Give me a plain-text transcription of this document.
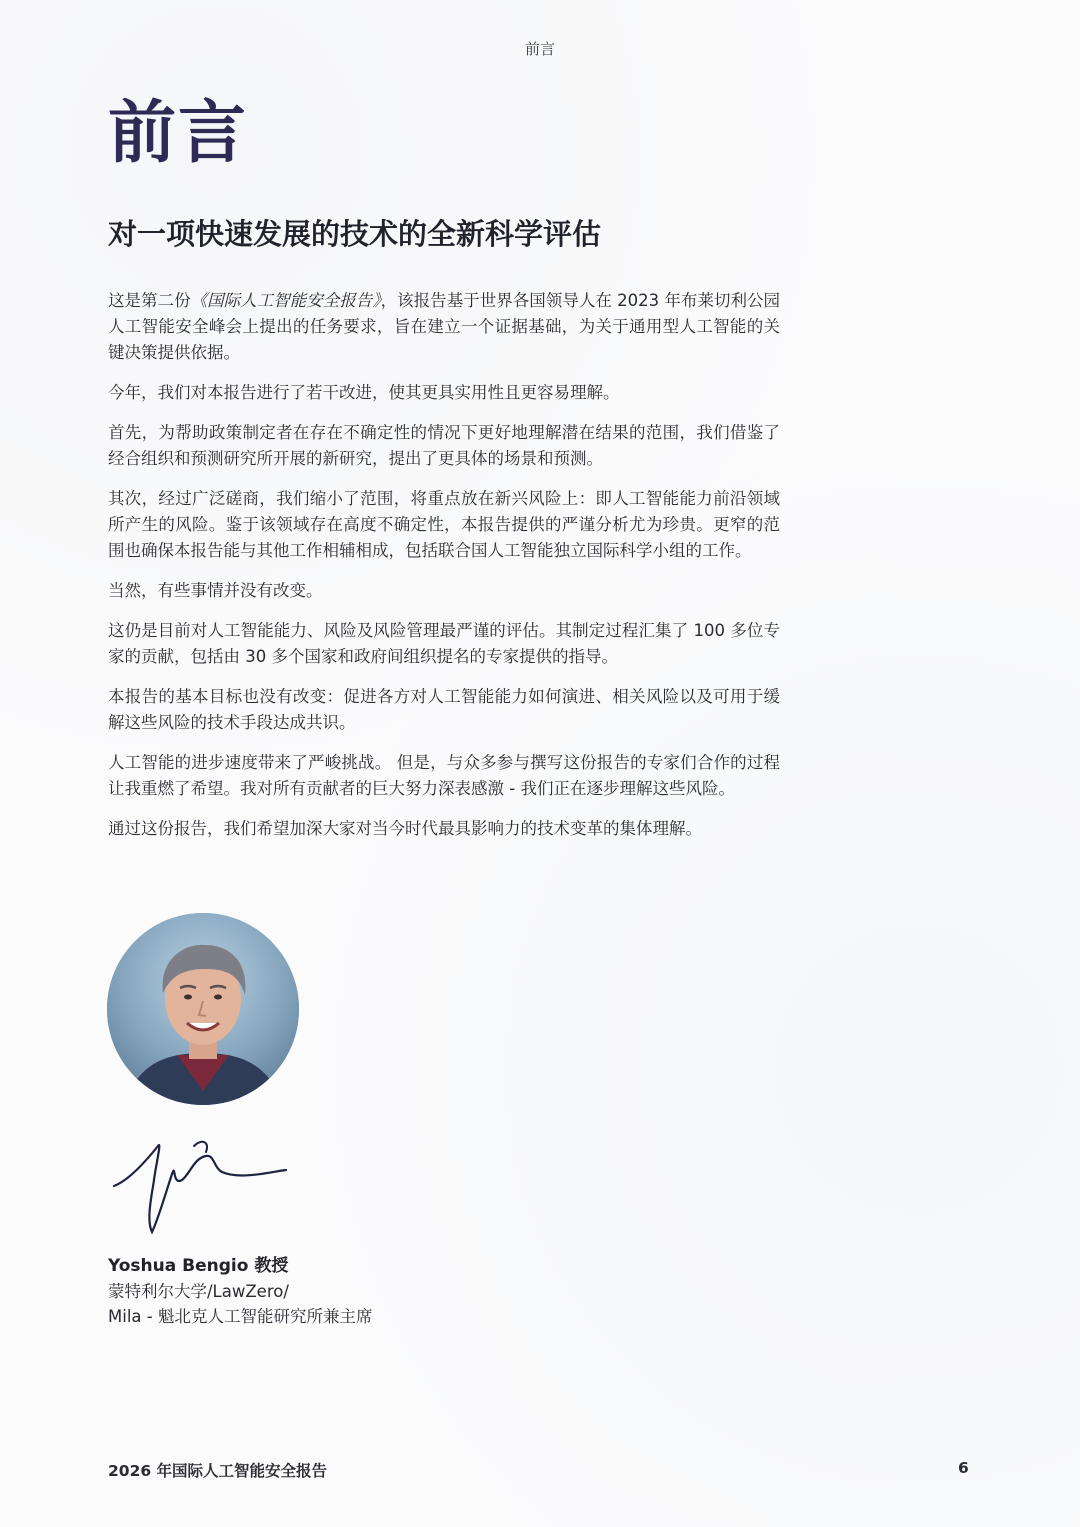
前言
前言
对一项快速发展的技术的全新科学评估

这是第二份《国际人工智能安全报告》，该报告基于世界各国领导人在 2023 年布莱切利公园人工智能安全峰会上提出的任务要求，旨在建立一个证据基础，为关于通用型人工智能的关键决策提供依据。

今年，我们对本报告进行了若干改进，使其更具实用性且更容易理解。

首先，为帮助政策制定者在存在不确定性的情况下更好地理解潜在结果的范围，我们借鉴了经合组织和预测研究所开展的新研究，提出了更具体的场景和预测。

其次，经过广泛磋商，我们缩小了范围，将重点放在新兴风险上：即人工智能能力前沿领域所产生的风险。鉴于该领域存在高度不确定性，本报告提供的严谨分析尤为珍贵。更窄的范围也确保本报告能与其他工作相辅相成，包括联合国人工智能独立国际科学小组的工作。

当然，有些事情并没有改变。

这仍是目前对人工智能能力、风险及风险管理最严谨的评估。其制定过程汇集了 100 多位专家的贡献，包括由 30 多个国家和政府间组织提名的专家提供的指导。

本报告的基本目标也没有改变：促进各方对人工智能能力如何演进、相关风险以及可用于缓解这些风险的技术手段达成共识。

人工智能的进步速度带来了严峻挑战。 但是，与众多参与撰写这份报告的专家们合作的过程让我重燃了希望。我对所有贡献者的巨大努力深表感激 - 我们正在逐步理解这些风险。

通过这份报告，我们希望加深大家对当今时代最具影响力的技术变革的集体理解。

Yoshua Bengio 教授
蒙特利尔大学/LawZero/
Mila - 魁北克人工智能研究所兼主席
2026 年国际人工智能安全报告	6
